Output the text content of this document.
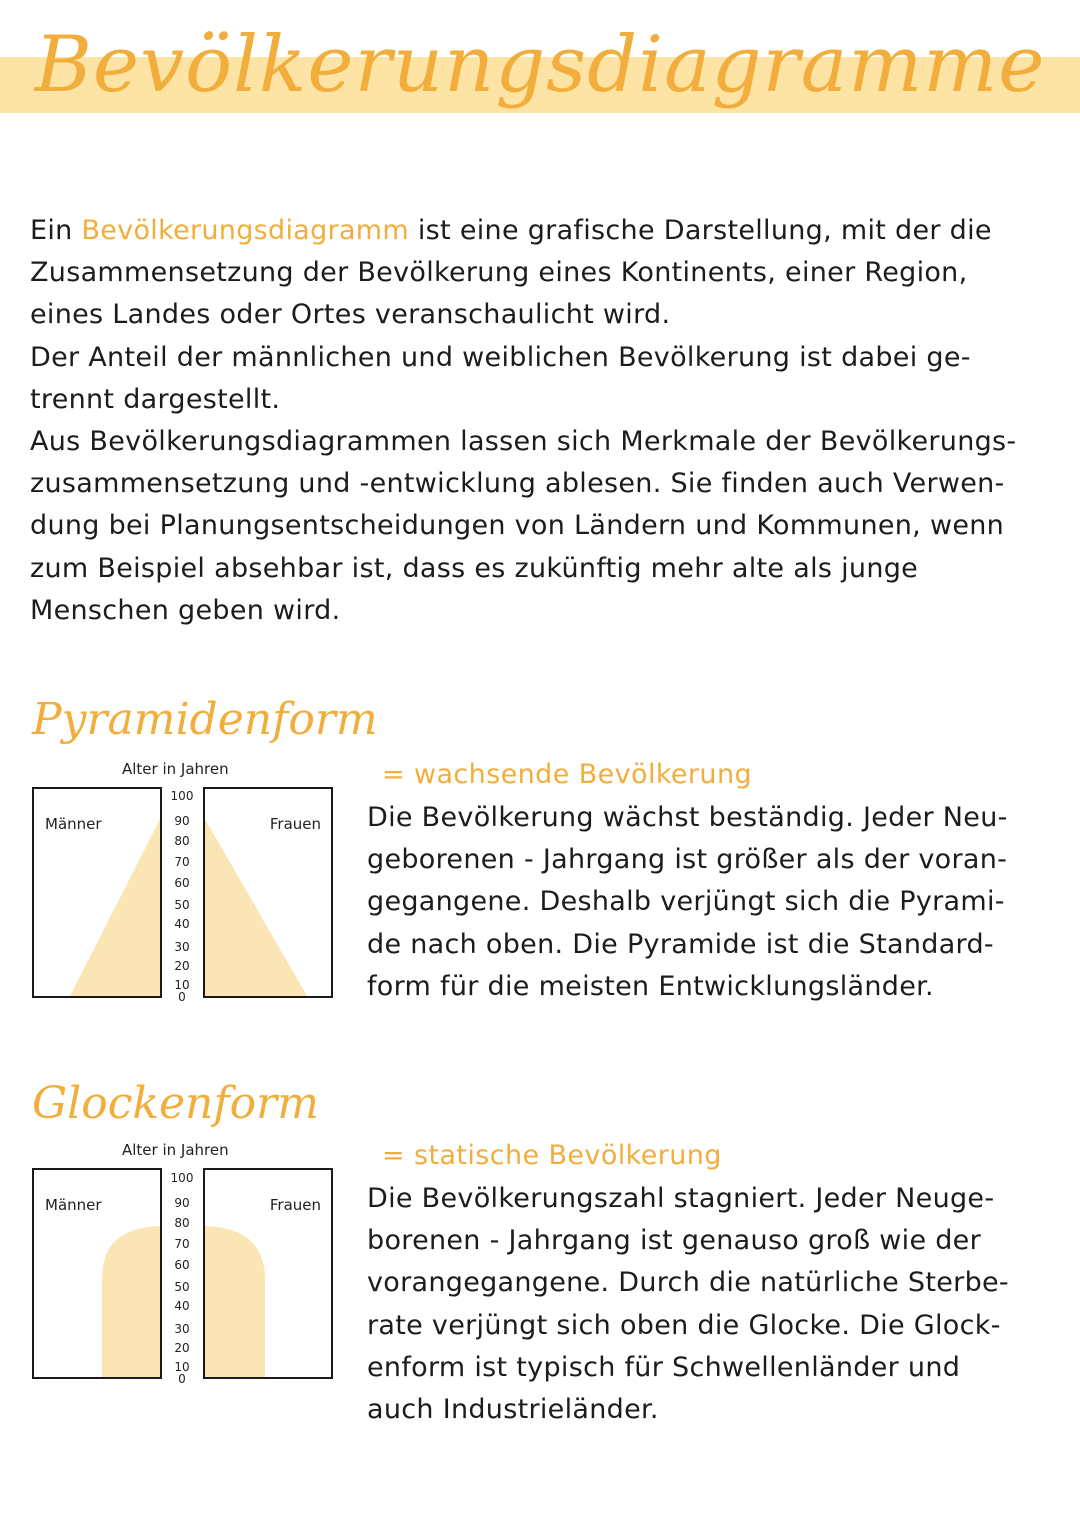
Bevölkerungsdiagramme

Ein Bevölkerungsdiagramm ist eine grafische Darstellung, mit der die

Zusammensetzung der Bevölkerung eines Kontinents, einer Region,

eines Landes oder Ortes veranschaulicht wird.

Der Anteil der männlichen und weiblichen Bevölkerung ist dabei ge-

trennt dargestellt.

Aus Bevölkerungsdiagrammen lassen sich Merkmale der Bevölkerungs-

zusammensetzung und -entwicklung ablesen. Sie finden auch Verwen-

dung bei Planungsentscheidungen von Ländern und Kommunen, wenn

zum Beispiel absehbar ist, dass es zukünftig mehr alte als junge

Menschen geben wird.

Pyramidenform
Alter in Jahren
Männer	Frauen
100
90
80
70
60
50
40
30
20
10
0
= wachsende Bevölkerung

Die Bevölkerung wächst beständig. Jeder Neu-

geborenen - Jahrgang ist größer als der voran-

gegangene. Deshalb verjüngt sich die Pyrami-

de nach oben. Die Pyramide ist die Standard-

form für die meisten Entwicklungsländer.

Glockenform
Alter in Jahren
Männer	Frauen
100
90
80
70
60
50
40
30
20
10
0
= statische Bevölkerung

Die Bevölkerungszahl stagniert. Jeder Neuge-

borenen - Jahrgang ist genauso groß wie der

vorangegangene. Durch die natürliche Sterbe-

rate verjüngt sich oben die Glocke. Die Glock-

enform ist typisch für Schwellenländer und

auch Industrieländer.
